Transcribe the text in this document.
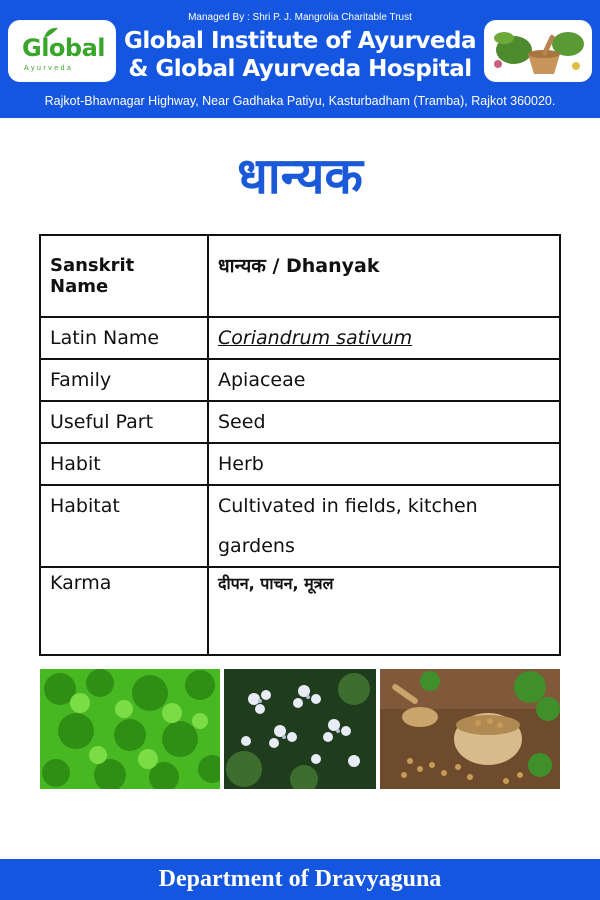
Global
Ayurveda
Managed By : Shri P. J. Mangrolia Charitable Trust
Global Institute of Ayurveda
& Global Ayurveda Hospital
Rajkot-Bhavnagar Highway, Near Gadhaka Patiyu, Kasturbadham (Tramba), Rajkot 360020.
धान्यक
Sanskrit Name	धान्यक / Dhanyak
Latin Name	Coriandrum sativum
Family	Apiaceae
Useful Part	Seed
Habit	Herb
Habitat	Cultivated in fields, kitchen gardens
Karma	दीपन, पाचन, मूत्रल
Department of Dravyaguna
